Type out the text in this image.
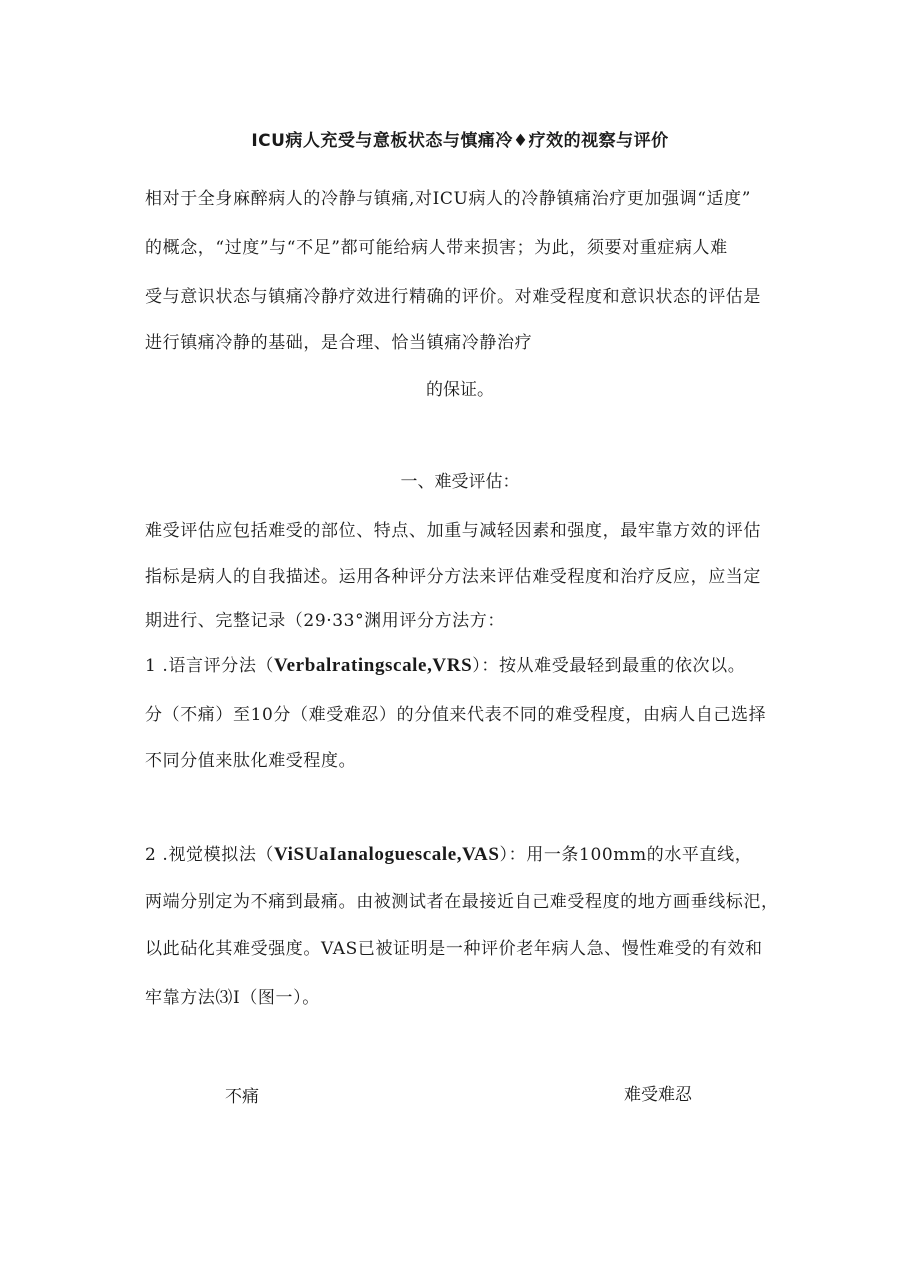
ICU病人充受与意板状态与慎痛冷♦疗效的视察与评价
相对于全身麻醉病人的冷静与镇痛,对ICU病人的冷静镇痛治疗更加强调“适度”
的概念，“过度”与“不足”都可能给病人带来损害；为此，须要对重症病人难
受与意识状态与镇痛冷静疗效进行精确的评价。对难受程度和意识状态的评估是
进行镇痛冷静的基础，是合理、恰当镇痛冷静治疗
的保证。
一、难受评估：
难受评估应包括难受的部位、特点、加重与减轻因素和强度，最牢靠方效的评估
指标是病人的自我描述。运用各种评分方法来评估难受程度和治疗反应，应当定
期进行、完整记录（29·33°渊用评分方法方：
1 .语言评分法（Verbalratingscale,VRS）：按从难受最轻到最重的依次以。
分（不痛）至10分（难受难忍）的分值来代表不同的难受程度，由病人自己选择
不同分值来肽化难受程度。
2 .视觉模拟法（ViSUaIanaloguescale,VAS）：用一条100mm的水平直线，
两端分别定为不痛到最痛。由被测试者在最接近自己难受程度的地方画垂线标汜，
以此砧化其难受强度。VAS已被证明是一种评价老年病人急、慢性难受的有效和
牢靠方法⑶I（图一）。
不痛	难受难忍
